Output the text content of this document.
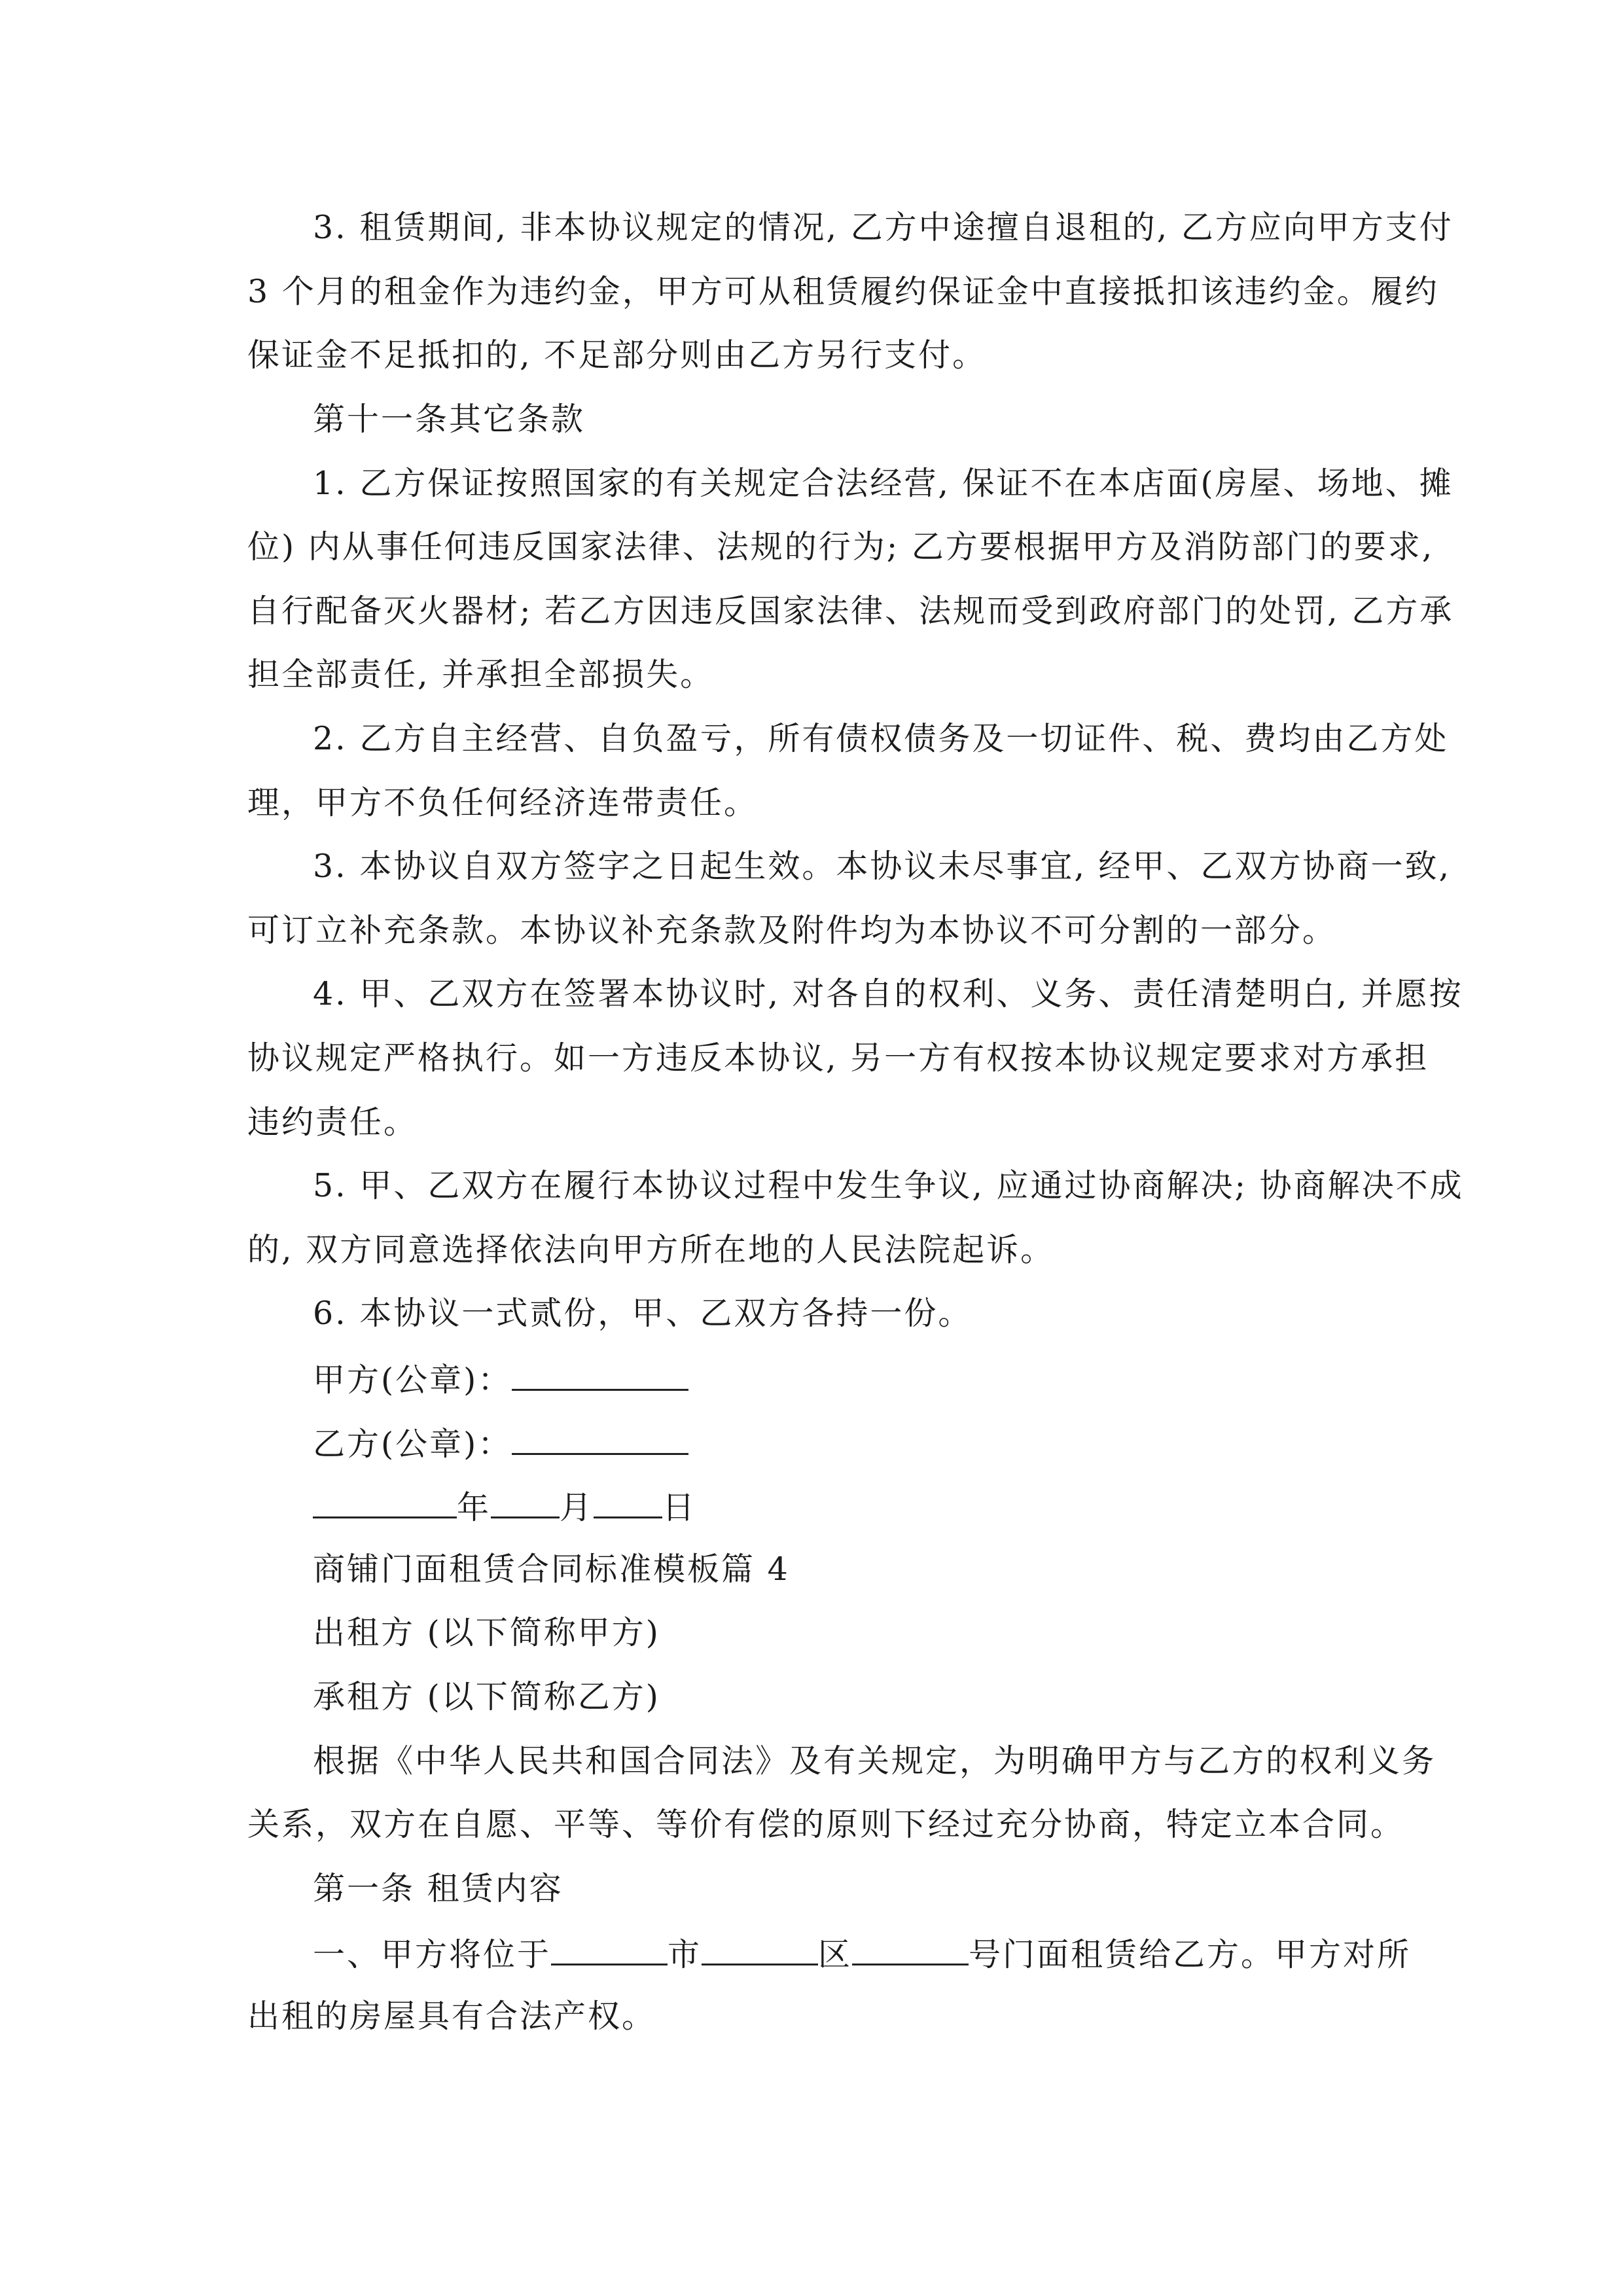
3. 租赁期间, 非本协议规定的情况, 乙方中途擅自退租的, 乙方应向甲方支付
3 个月的租金作为违约金，甲方可从租赁履约保证金中直接抵扣该违约金。履约
保证金不足抵扣的, 不足部分则由乙方另行支付。
第十一条其它条款
1. 乙方保证按照国家的有关规定合法经营, 保证不在本店面(房屋、场地、摊
位) 内从事任何违反国家法律、法规的行为; 乙方要根据甲方及消防部门的要求,
自行配备灭火器材; 若乙方因违反国家法律、法规而受到政府部门的处罚, 乙方承
担全部责任, 并承担全部损失。
2. 乙方自主经营、自负盈亏，所有债权债务及一切证件、税、费均由乙方处
理，甲方不负任何经济连带责任。
3. 本协议自双方签字之日起生效。本协议未尽事宜, 经甲、乙双方协商一致,
可订立补充条款。本协议补充条款及附件均为本协议不可分割的一部分。
4. 甲、乙双方在签署本协议时, 对各自的权利、义务、责任清楚明白, 并愿按
协议规定严格执行。如一方违反本协议, 另一方有权按本协议规定要求对方承担
违约责任。
5. 甲、乙双方在履行本协议过程中发生争议, 应通过协商解决; 协商解决不成
的, 双方同意选择依法向甲方所在地的人民法院起诉。
6. 本协议一式贰份，甲、乙双方各持一份。
甲方(公章)：
乙方(公章)：
年 月 日
商铺门面租赁合同标准模板篇 4
出租方 (以下简称甲方)
承租方 (以下简称乙方)
根据《中华人民共和国合同法》及有关规定，为明确甲方与乙方的权利义务
关系，双方在自愿、平等、等价有偿的原则下经过充分协商，特定立本合同。
第一条 租赁内容
一、甲方将位于	市	区	号门面租赁给乙方。甲方对所
出租的房屋具有合法产权。
